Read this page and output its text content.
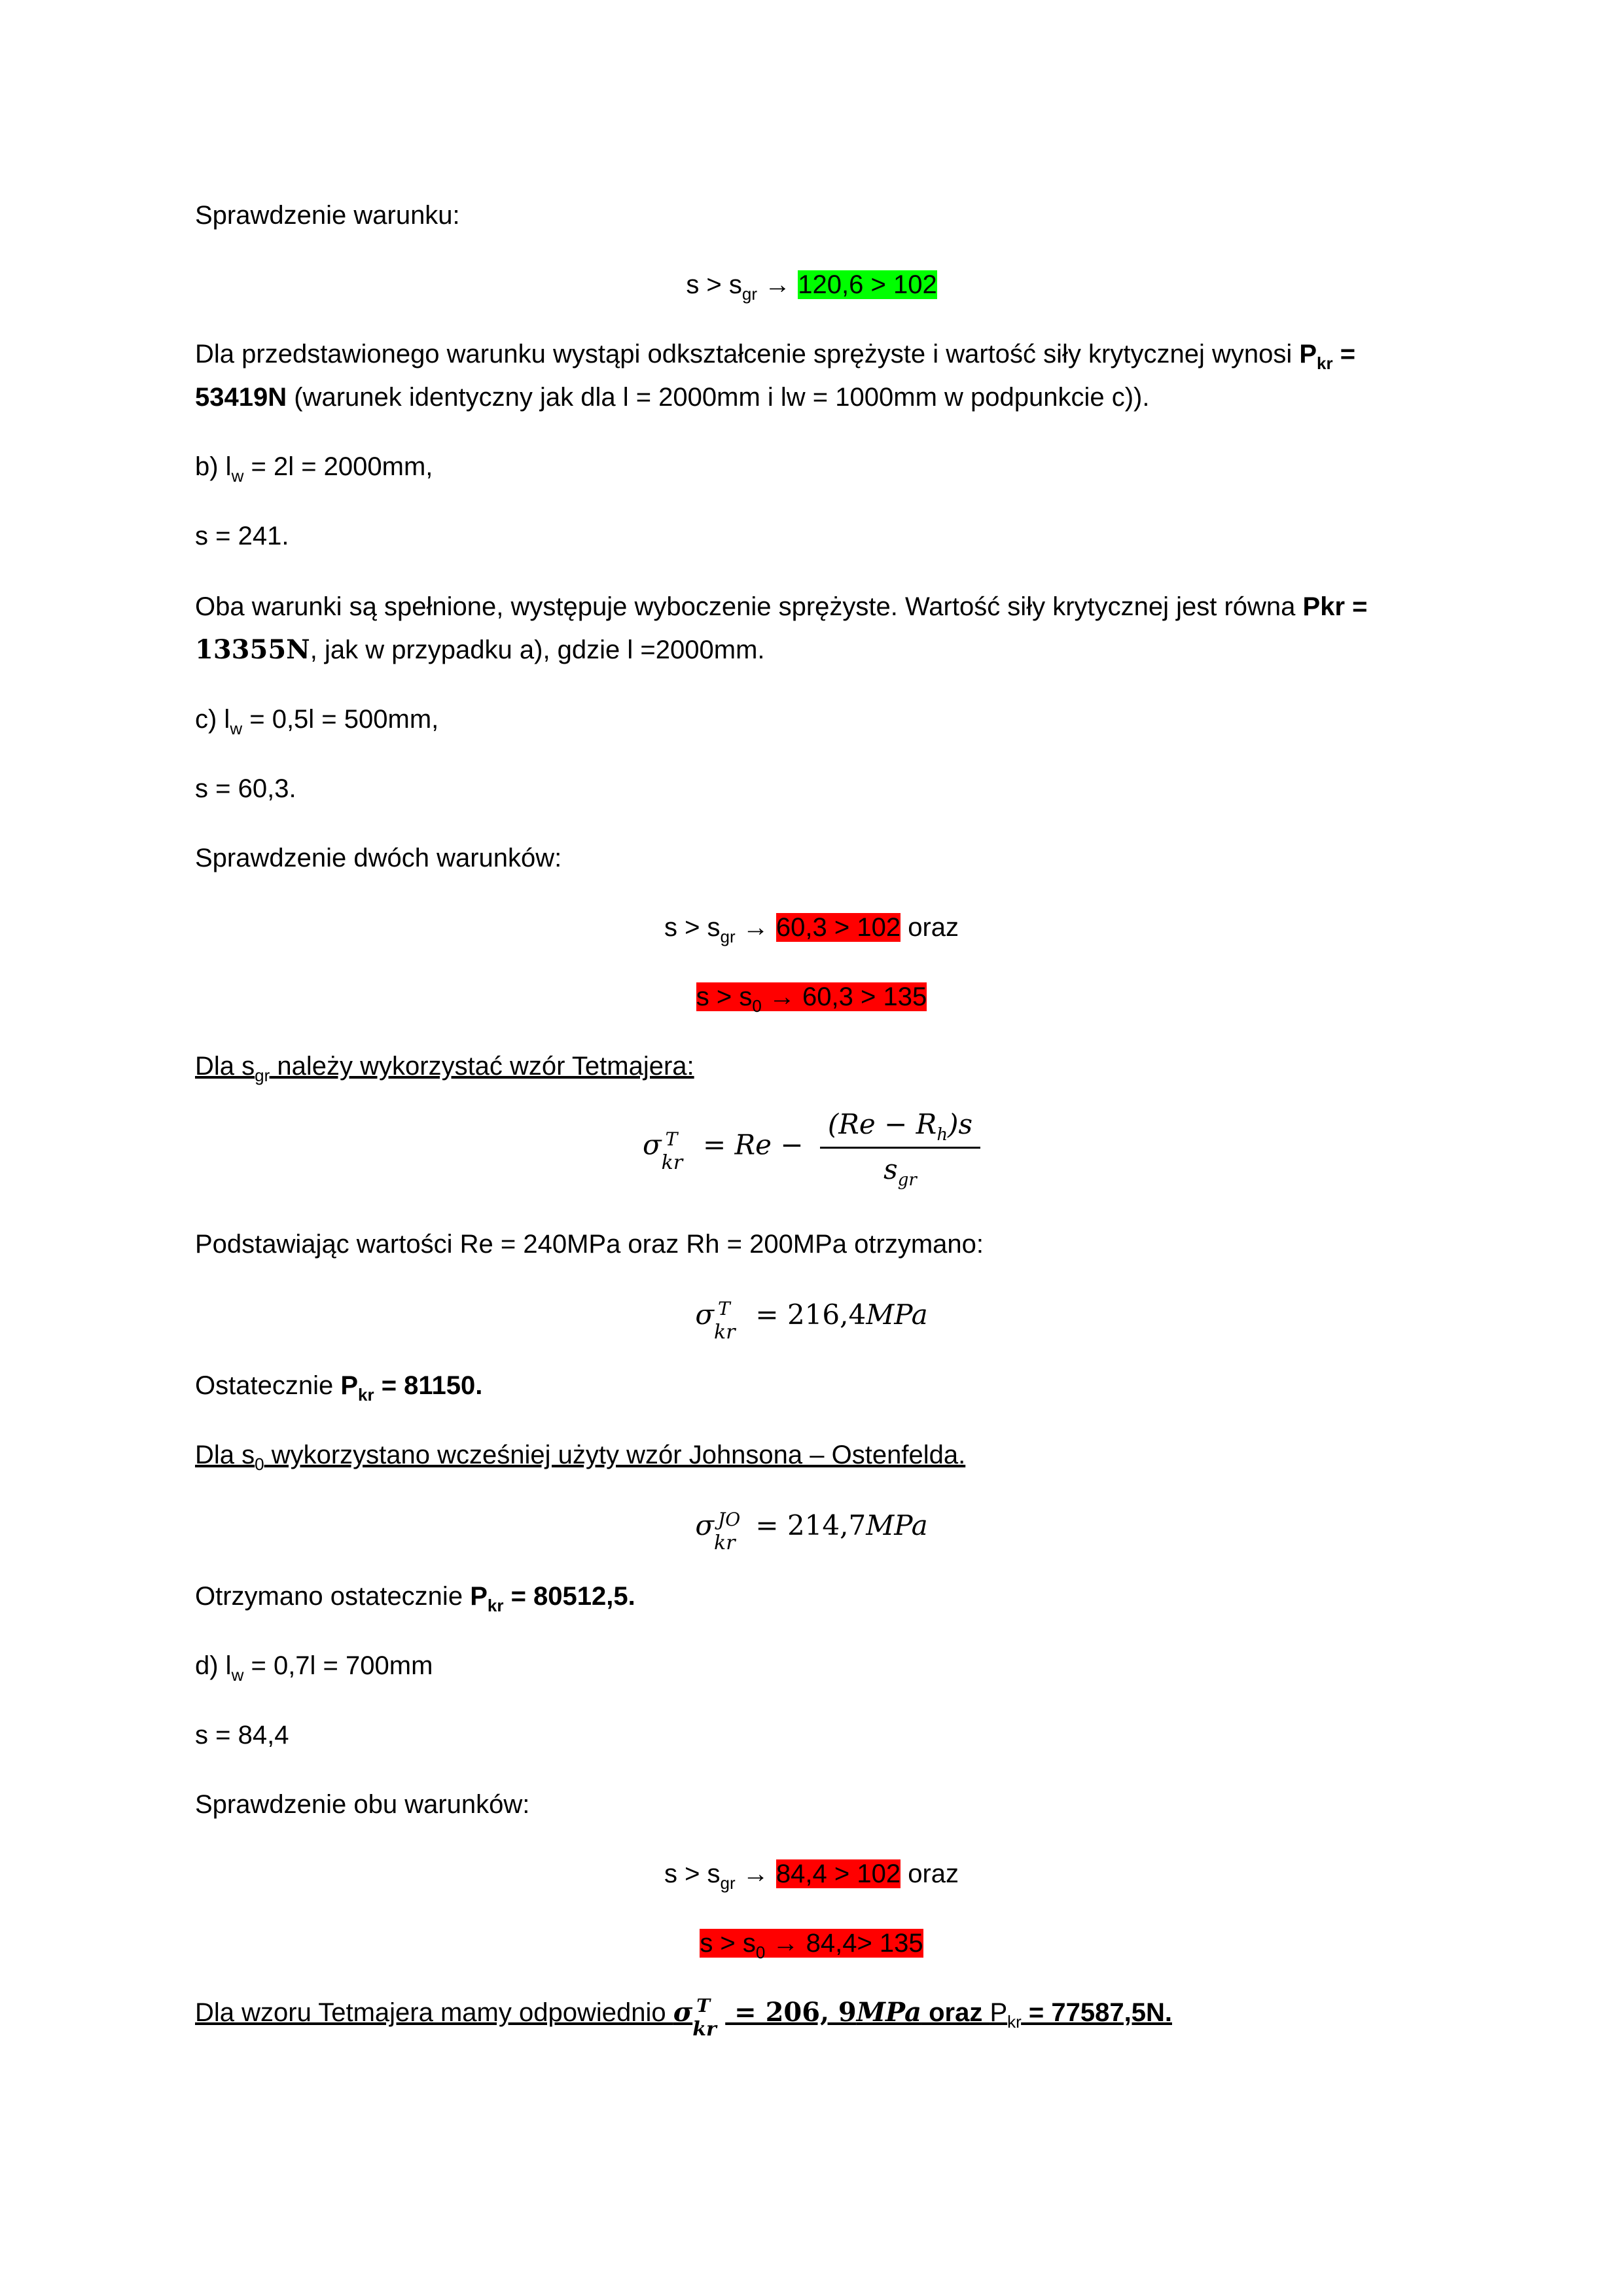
Sprawdzenie warunku:
$s > s_{gr} \to 120,6 > 102$
Dla przedstawionego warunku wystąpi odkształcenie sprężyste i wartość siły krytycznej wynosi $P_{kr} = 53419N$ (warunek identyczny jak dla l = 2000mm i lw = 1000mm w podpunkcie c)).
b) $l_w = 2l = 2000mm$,
s = 241.
Oba warunki są spełnione, występuje wyboczenie sprężyste. Wartość siły krytycznej jest równa Pkr =
13355N, jak w przypadku a), gdzie l =2000mm.
c) $l_w = 0,5l = 500mm$,
s = 60,3.
Sprawdzenie dwóch warunków:
$s > s_{gr} \to 60,3 > 102$ oraz
$s > s_0 \to 60,3 > 135$
Dla $s_{gr}$ należy wykorzystać wzór Tetmajera:
σ T
kr
= $Re - \frac{(Re - R_h)s}{s_{gr}}$
Podstawiając wartości Re = 240MPa oraz Rh = 200MPa otrzymano:
σ T
kr
= 216,4MPa
Ostatecznie $P_{kr} = 81150$.
Dla $s_0$ wykorzystano wcześniej użyty wzór Johnsona – Ostenfelda.
σ JO
kr
= 214,7MPa
Otrzymano ostatecznie $P_{kr} = 80512,5$.
d) $l_w = 0,7l = 700mm$
s = 84,4
Sprawdzenie obu warunków:
$s > s_{gr} \to 84,4 > 102$ oraz
$s > s_0 \to 84,4> 135$
Dla wzoru Tetmajera mamy odpowiednio σ T
kr
= 206, 9MPa oraz $P_{kr} = 77587,5N$.
